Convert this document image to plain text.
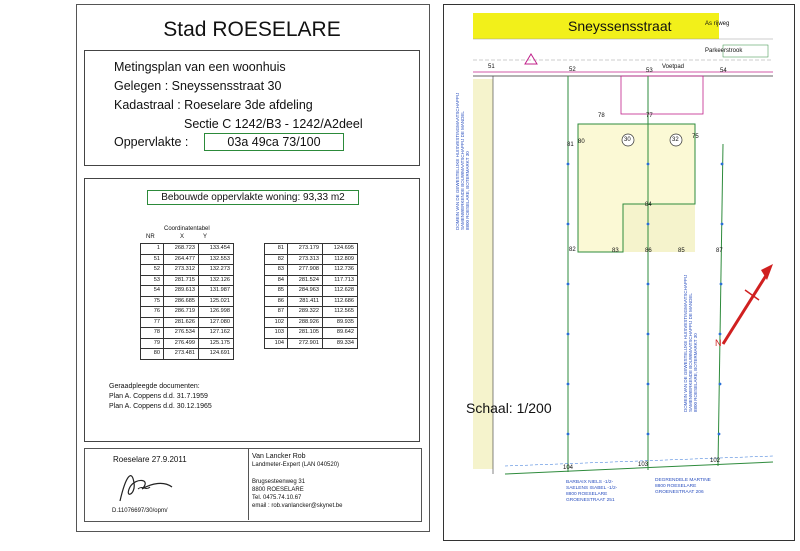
Stad ROESELARE
Metingsplan van een woonhuis
Gelegen : Sneyssensstraat 30
Kadastraal : Roeselare 3de afdeling
Sectie C 1242/B3 - 1242/A2deel
Oppervlakte :	03a 49ca 73/100
Bebouwde oppervlakte woning: 93,33 m2
Coordinatentabel
NR	X	Y
1	268.723	133.454
51	264.477	132.553
52	273.312	132.273
53	281.715	132.126
54	289.613	131.987
75	286.685	125.021
76	286.719	126.998
77	281.626	127.080
78	276.534	127.162
79	276.499	125.175
80	273.481	124.691
81	273.179	124.695
82	273.313	112.809
83	277.908	112.736
84	281.524	117.713
85	284.963	112.628
86	281.411	112.686
87	289.322	112.565
102	288.926	89.935
103	281.105	89.642
104	272.901	89.334
Geraadpleegde documenten:
Plan A. Coppens d.d. 31.7.1959
Plan A. Coppens d.d. 30.12.1965
Roeselare 27.9.2011
D.11076697/30/opm/
Van Lancker Rob
Landmeter-Expert (LAN 040520)
Brugsesteenweg 31
8800 ROESELARE
Tel. 0475.74.10.67
email : rob.vanlancker@skynet.be
Sneyssensstraat	As rijweg
Parkeerstrook
Voetpad
Schaal: 1/200
30	32
N
51	52	53	54
78	77
75
81 80
84
82	83	86	85	87
104	103
102
DOMEIN VAN DE GEWESTELIJKE HUISVESTINGMAATSCHAPPIJ SAMENWERKENDE BOUWMAATSCHAPPIJ DE MANDEL 8800 ROESELARE, BOTERMARKT 30
DOMEIN VAN DE GEWESTELIJKE HUISVESTINGMAATSCHAPPIJ SAMENWERKENDE BOUWMAATSCHAPPIJ DE MANDEL 8800 ROESELARE, BOTERMARKT 30
BARBAIX NIELS -1/2-
SAELENS ISABEL -1/2-
8800 ROESELARE
GROENESTRAAT 251
DEGRENDELE MARTINE
8800 ROESELARE
GROENESTRAAT 206
